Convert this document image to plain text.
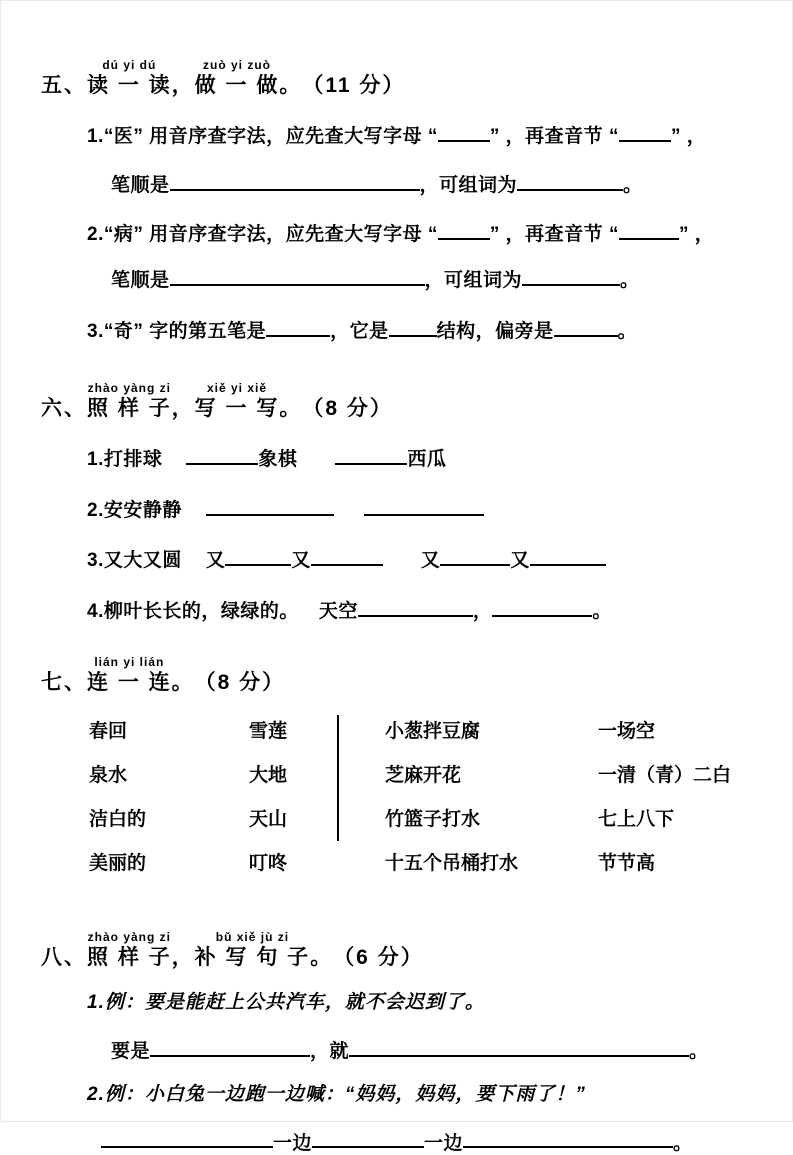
五、
dú yi dú
读 一 读 ，
zuò yi zuò
做 一 做 。 （11 分）
1.“医” 用音序查字法，应先查大写字母 “	” ，再查音节 “	” ，
笔顺是	，可组词为	。
2.“病” 用音序查字法，应先查大写字母 “	” ，再查音节 “	” ，
笔顺是	，可组词为	。
3.“奇” 字的第五笔是	，它是	结构，偏旁是	。
六、
zhào yàng zi
照 样 子 ，
xiě yi xiě
写 一 写 。 （8 分）
1.打排球	象棋	西瓜
2.安安静静
3.又大又圆 又	又	又	又
4.柳叶长长的，绿绿的。 天空	，	。
七、
lián yi lián
连 一 连 。 （8 分）
春回	雪莲
泉水	大地
洁白的	天山
美丽的	叮咚
小葱拌豆腐	一场空
芝麻开花	一清（青）二白
竹篮子打水	七上八下
十五个吊桶打水	节节高
八、
zhào yàng zi
照 样 子 ，
bǔ xiě jù zi
补 写 句 子 。 （6 分）
1.例：要是能赶上公共汽车，就不会迟到了。
要是	，就	。
2.例：小白兔一边跑一边喊：“妈妈，妈妈，要下雨了！”
一边	一边	。
